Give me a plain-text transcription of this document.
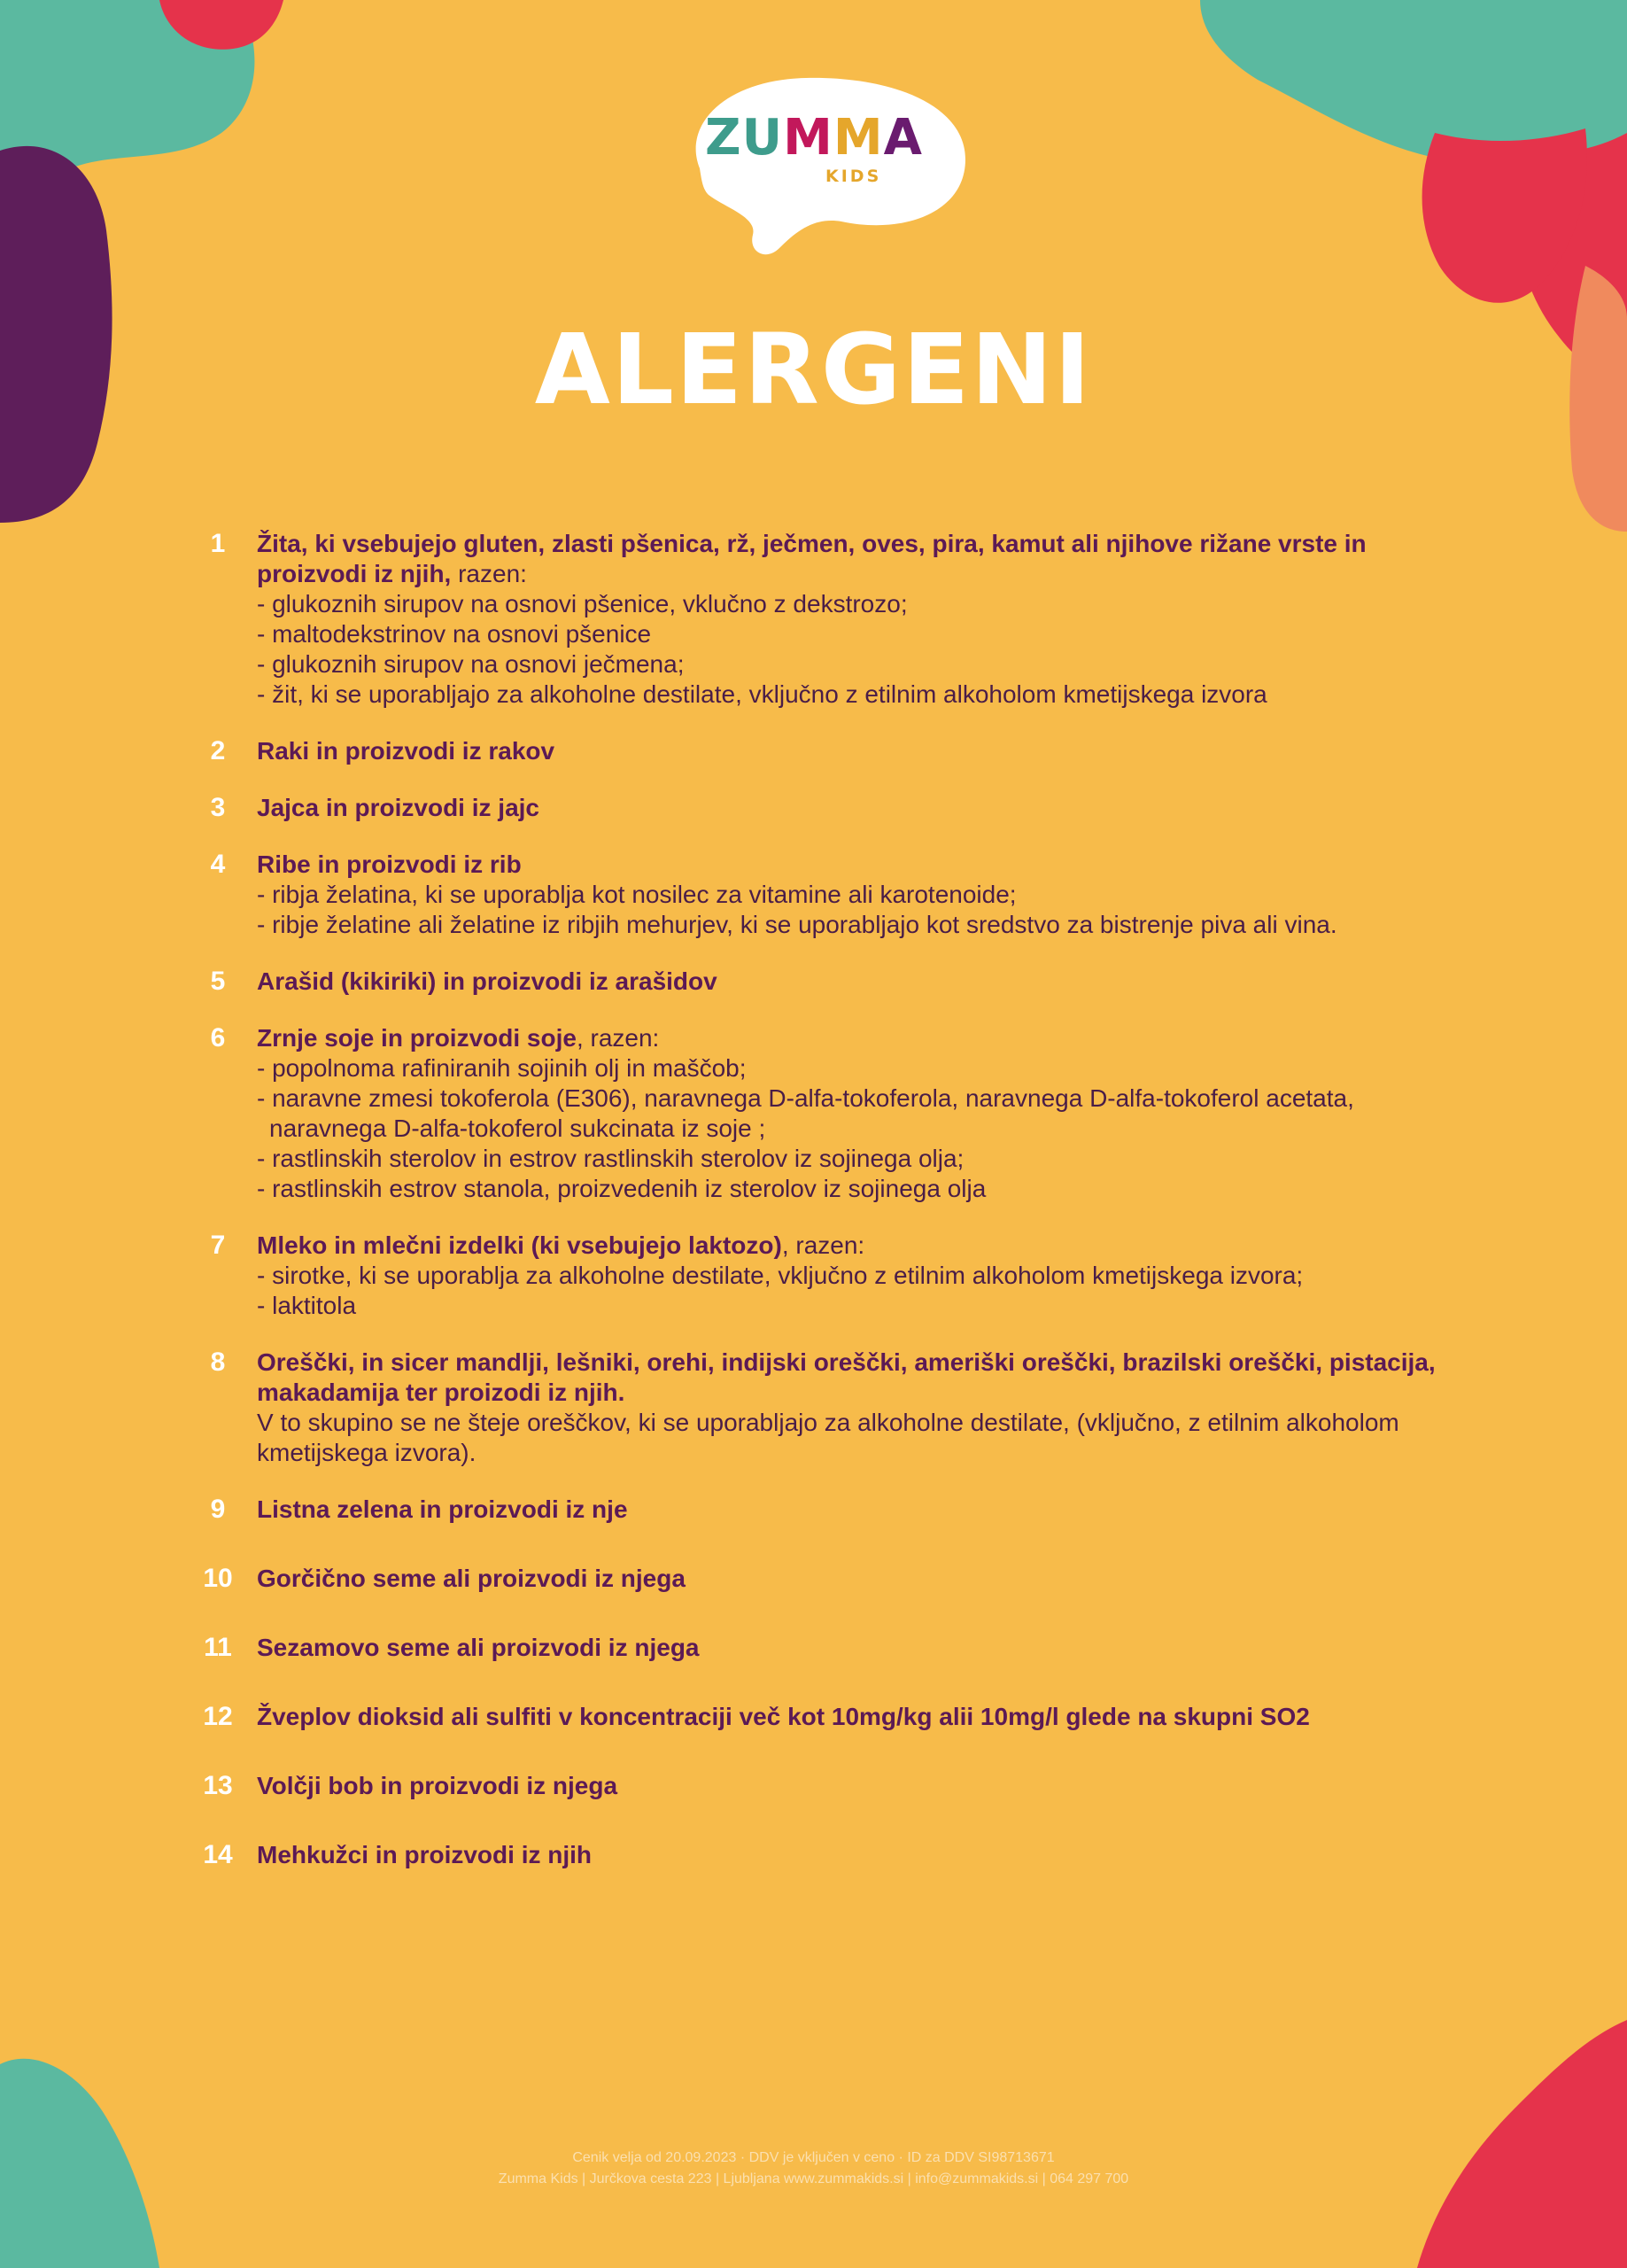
ZUMMA
KIDS
ALERGENI
1	Žita, ki vsebujejo gluten, zlasti pšenica, rž, ječmen, oves, pira, kamut ali njihove rižane vrste in proizvodi iz njih, razen:
- glukoznih sirupov na osnovi pšenice, vklučno z dekstrozo;
- maltodekstrinov na osnovi pšenice
- glukoznih sirupov na osnovi ječmena;
- žit, ki se uporabljajo za alkoholne destilate, vključno z etilnim alkoholom kmetijskega izvora
2	Raki in proizvodi iz rakov
3	Jajca in proizvodi iz jajc
4	Ribe in proizvodi iz rib
- ribja želatina, ki se uporablja kot nosilec za vitamine ali karotenoide;
- ribje želatine ali želatine iz ribjih mehurjev, ki se uporabljajo kot sredstvo za bistrenje piva ali vina.
5	Arašid (kikiriki) in proizvodi iz arašidov
6	Zrnje soje in proizvodi soje, razen:
- popolnoma rafiniranih sojinih olj in maščob;
- naravne zmesi tokoferola (E306), naravnega D-alfa-tokoferola, naravnega D-alfa-tokoferol acetata,
naravnega D-alfa-tokoferol sukcinata iz soje ;
- rastlinskih sterolov in estrov rastlinskih sterolov iz sojinega olja;
- rastlinskih estrov stanola, proizvedenih iz sterolov iz sojinega olja
7	Mleko in mlečni izdelki (ki vsebujejo laktozo), razen:
- sirotke, ki se uporablja za alkoholne destilate, vključno z etilnim alkoholom kmetijskega izvora;
- laktitola
8	Oreščki, in sicer mandlji, lešniki, orehi, indijski oreščki, ameriški oreščki, brazilski oreščki, pistacija, makadamija ter proizodi iz njih.
V to skupino se ne šteje oreščkov, ki se uporabljajo za alkoholne destilate, (vključno, z etilnim alkoholom kmetijskega izvora).
9	Listna zelena in proizvodi iz nje
10 Gorčično seme ali proizvodi iz njega
11	Sezamovo seme ali proizvodi iz njega
12 Žveplov dioksid ali sulfiti v koncentraciji več kot 10mg/kg alii 10mg/l glede na skupni SO2
13 Volčji bob in proizvodi iz njega
14 Mehkužci in proizvodi iz njih
Cenik velja od 20.09.2023 · DDV je vključen v ceno · ID za DDV SI98713671
Zumma Kids | Jurčkova cesta 223 | Ljubljana www.zummakids.si | info@zummakids.si | 064 297 700
